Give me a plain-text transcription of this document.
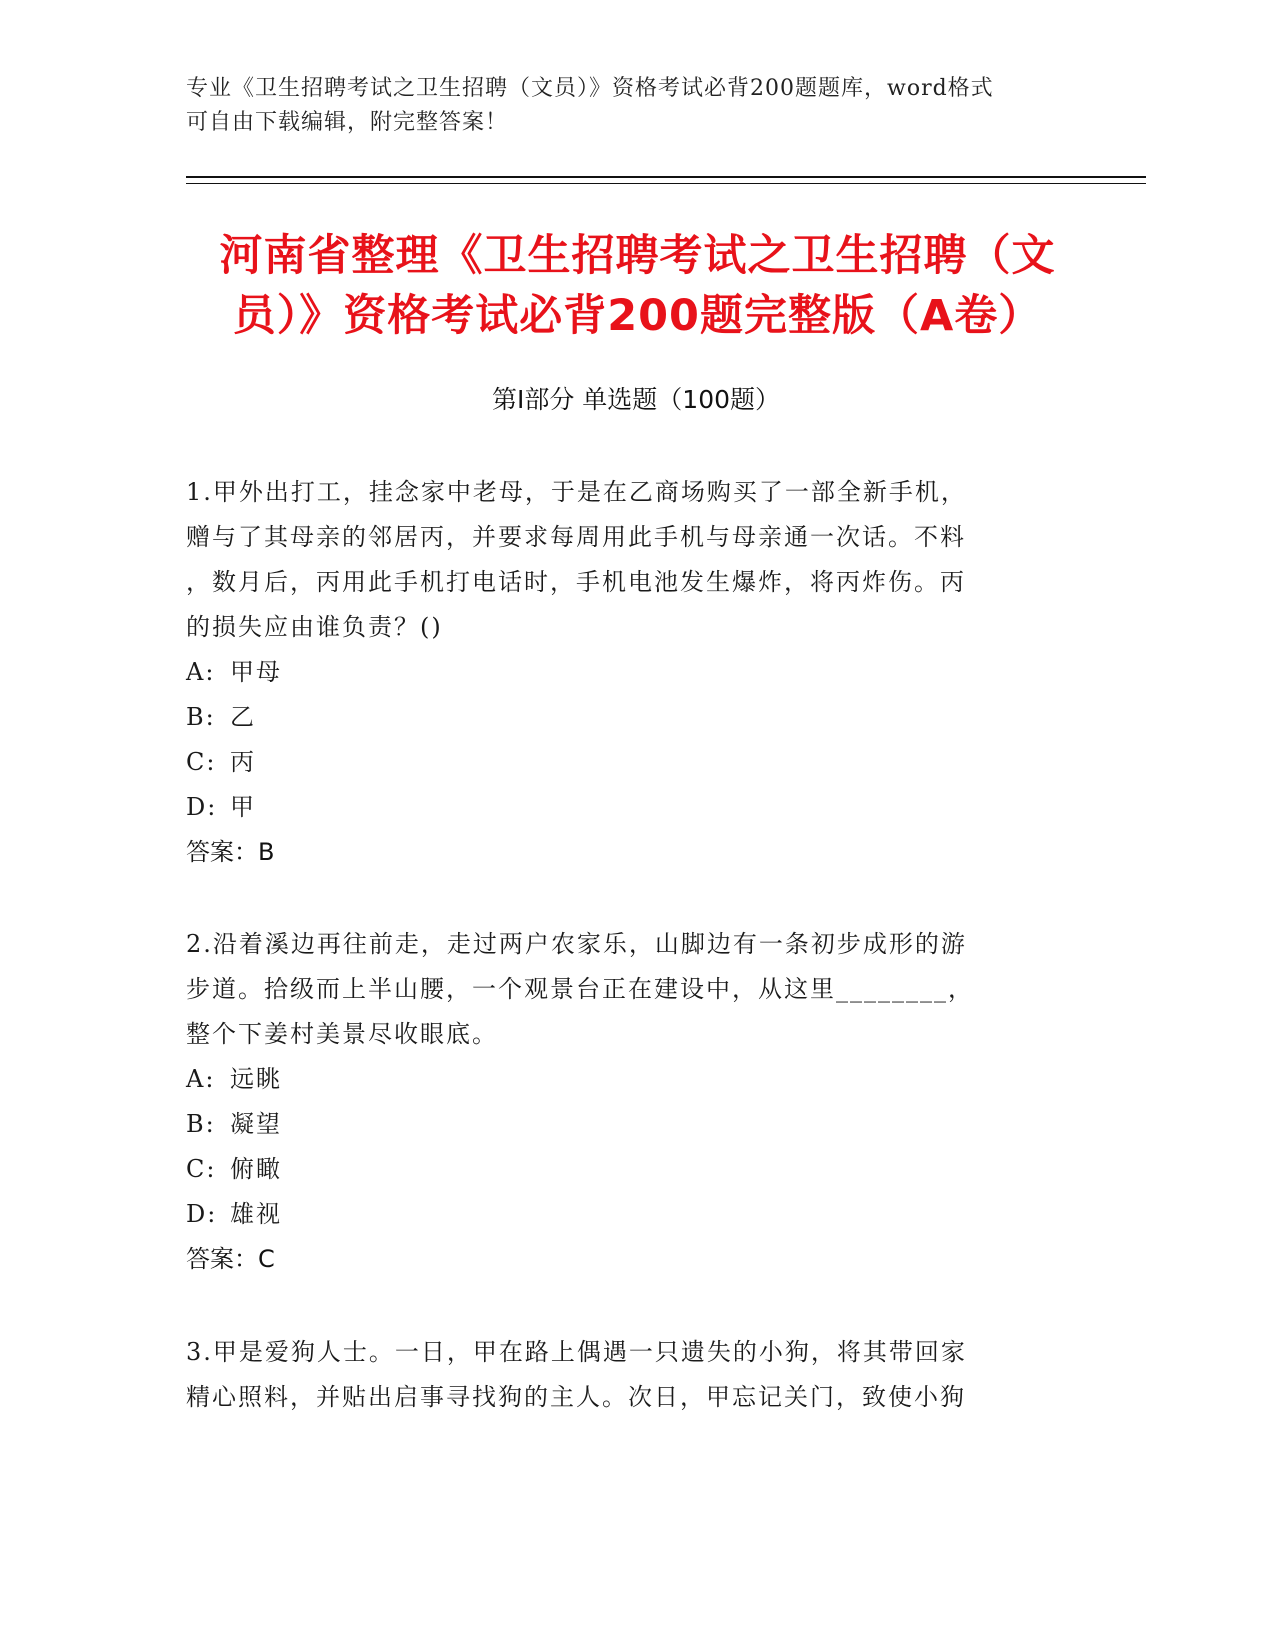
专业《卫生招聘考试之卫生招聘（文员）》资格考试必背200题题库，word格式
可自由下载编辑，附完整答案！
河南省整理《卫生招聘考试之卫生招聘（文
员）》资格考试必背200题完整版（A卷）
第Ⅰ部分 单选题（100题）

1.甲外出打工，挂念家中老母，于是在乙商场购买了一部全新手机，

赠与了其母亲的邻居丙，并要求每周用此手机与母亲通一次话。不料

，数月后，丙用此手机打电话时，手机电池发生爆炸，将丙炸伤。丙

的损失应由谁负责？()

A: 甲母

B: 乙

C: 丙

D: 甲

答案：B

2.沿着溪边再往前走，走过两户农家乐，山脚边有一条初步成形的游

步道。拾级而上半山腰，一个观景台正在建设中，从这里________，

整个下姜村美景尽收眼底。

A: 远眺

B: 凝望

C: 俯瞰

D: 雄视

答案：C

3.甲是爱狗人士。一日，甲在路上偶遇一只遗失的小狗，将其带回家

精心照料，并贴出启事寻找狗的主人。次日，甲忘记关门，致使小狗
